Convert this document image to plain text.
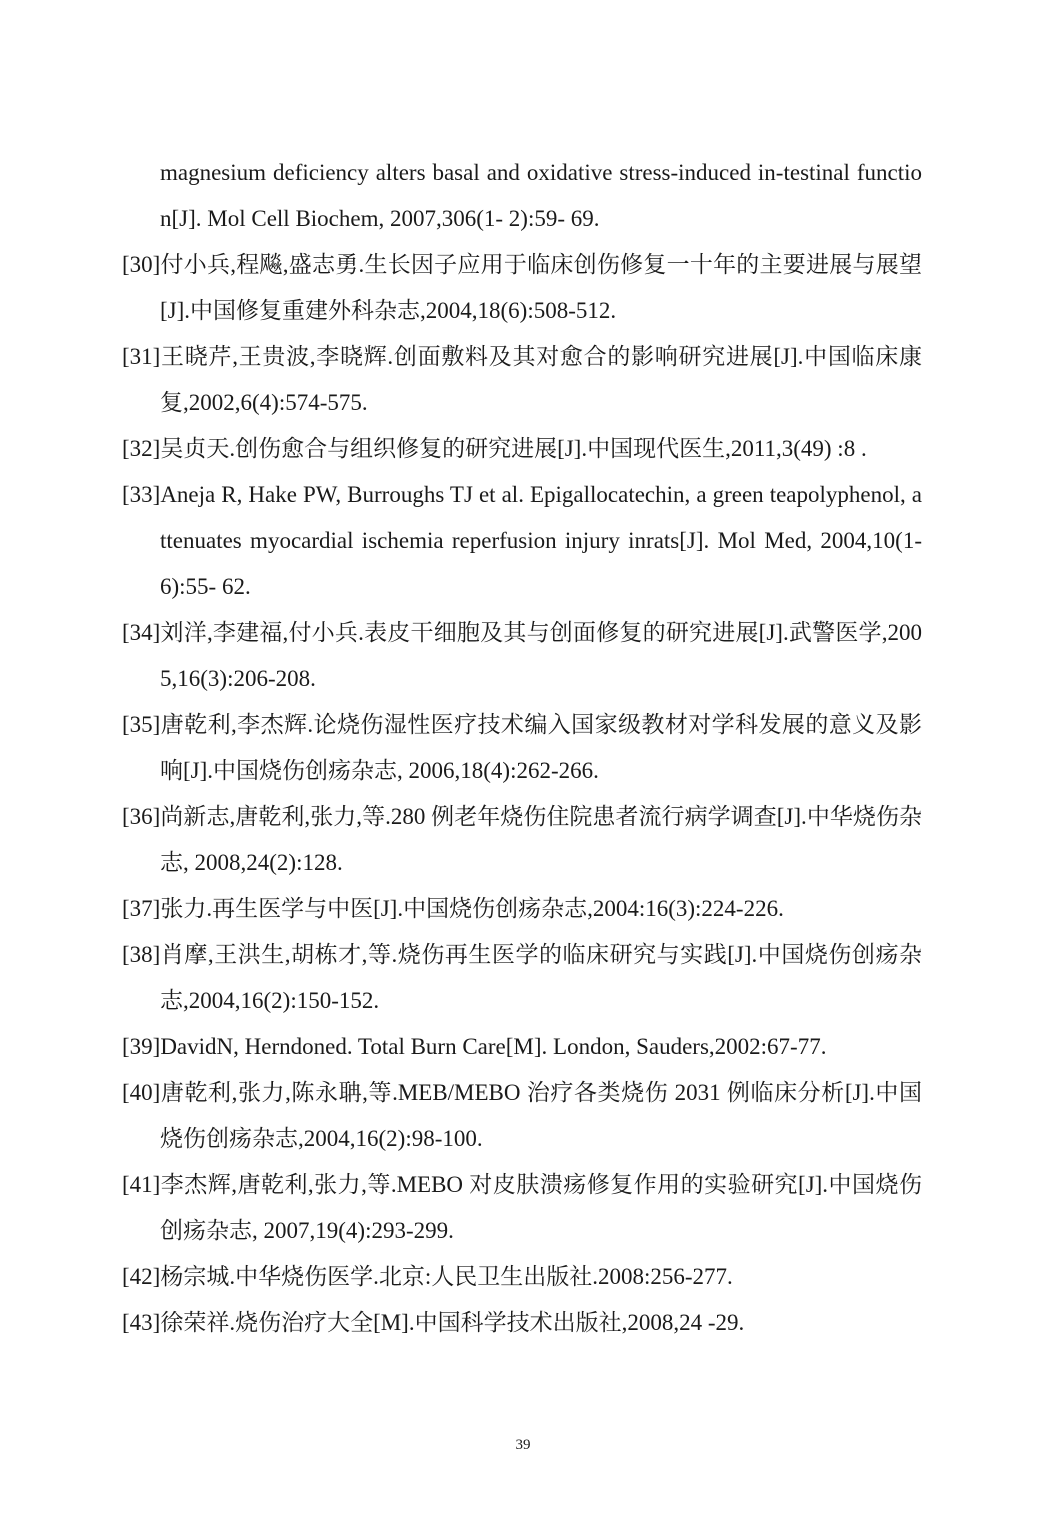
magnesium deficiency alters basal and oxidative stress-induced in-testinal function[J]. Mol Cell Biochem, 2007,306(1- 2):59- 69.

[30]付小兵,程飚,盛志勇.生长因子应用于临床创伤修复一十年的主要进展与展望[J].中国修复重建外科杂志,2004,18(6):508-512.

[31]王晓芹,王贵波,李晓辉.创面敷料及其对愈合的影响研究进展[J].中国临床康复,2002,6(4):574-575.

[32]吴贞天.创伤愈合与组织修复的研究进展[J].中国现代医生,2011,3(49) :8 .

[33]Aneja R, Hake PW, Burroughs TJ et al. Epigallocatechin, a green teapolyphenol, attenuates myocardial ischemia reperfusion injury inrats[J]. Mol Med, 2004,10(1- 6):55- 62.

[34]刘洋,李建福,付小兵.表皮干细胞及其与创面修复的研究进展[J].武警医学,2005,16(3):206-208.

[35]唐乾利,李杰辉.论烧伤湿性医疗技术编入国家级教材对学科发展的意义及影响[J].中国烧伤创疡杂志, 2006,18(4):262-266.

[36]尚新志,唐乾利,张力,等.280 例老年烧伤住院患者流行病学调查[J].中华烧伤杂志, 2008,24(2):128.

[37]张力.再生医学与中医[J].中国烧伤创疡杂志,2004:16(3):224-226.

[38]肖摩,王洪生,胡栋才,等.烧伤再生医学的临床研究与实践[J].中国烧伤创疡杂志,2004,16(2):150-152.

[39]DavidN, Herndoned. Total Burn Care[M]. London, Sauders,2002:67-77.

[40]唐乾利,张力,陈永聃,等.MEB/MEBO 治疗各类烧伤 2031 例临床分析[J].中国烧伤创疡杂志,2004,16(2):98-100.

[41]李杰辉,唐乾利,张力,等.MEBO 对皮肤溃疡修复作用的实验研究[J].中国烧伤创疡杂志, 2007,19(4):293-299.

[42]杨宗城.中华烧伤医学.北京:人民卫生出版社.2008:256-277.

[43]徐荣祥.烧伤治疗大全[M].中国科学技术出版社,2008,24 -29.

39
